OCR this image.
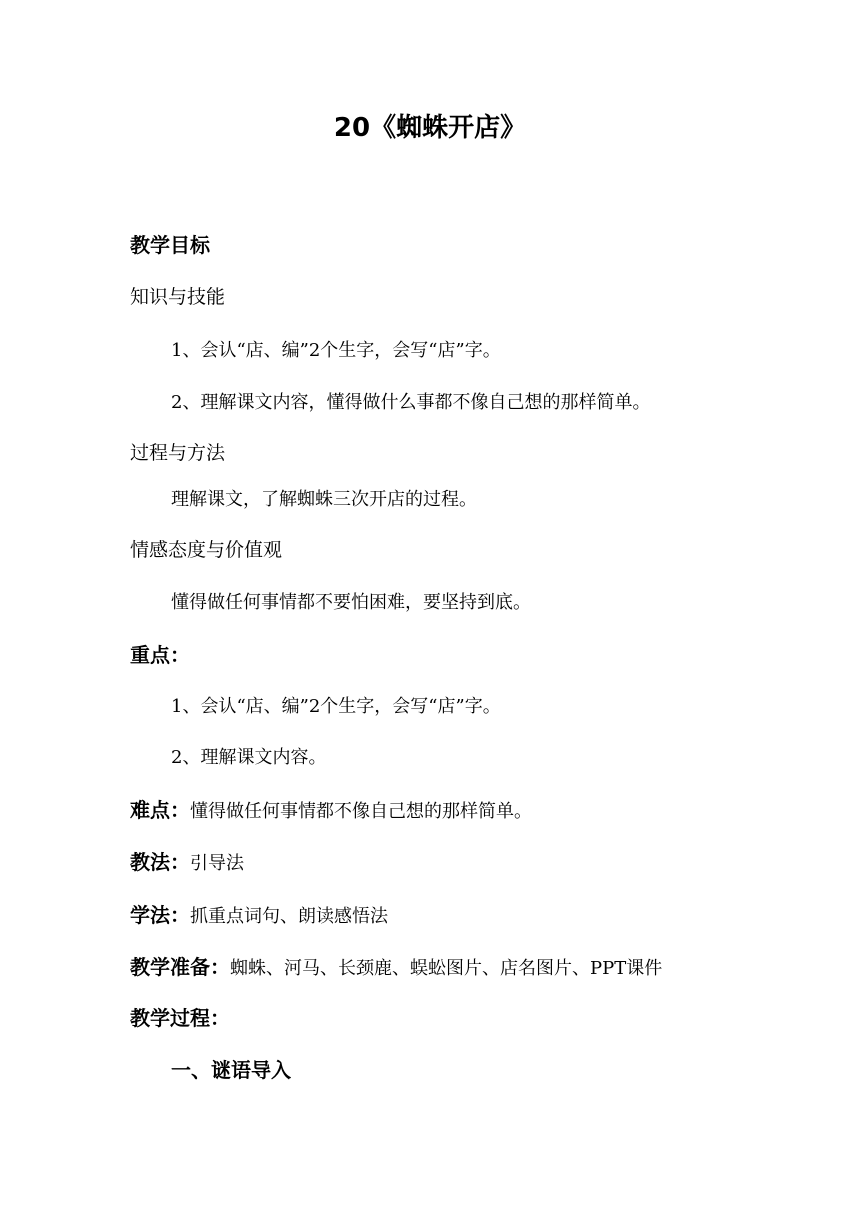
20《蜘蛛开店》
教学目标
知识与技能
1、会认“店、编”2个生字，会写“店”字。
2、理解课文内容，懂得做什么事都不像自己想的那样简单。
过程与方法
理解课文，了解蜘蛛三次开店的过程。
情感态度与价值观
懂得做任何事情都不要怕困难，要坚持到底。
重点：
1、会认“店、编”2个生字，会写“店”字。
2、理解课文内容。
难点：懂得做任何事情都不像自己想的那样简单。
教法：引导法
学法：抓重点词句、朗读感悟法
教学准备：蜘蛛、河马、长颈鹿、蜈蚣图片、店名图片、PPT课件
教学过程：
一、谜语导入
